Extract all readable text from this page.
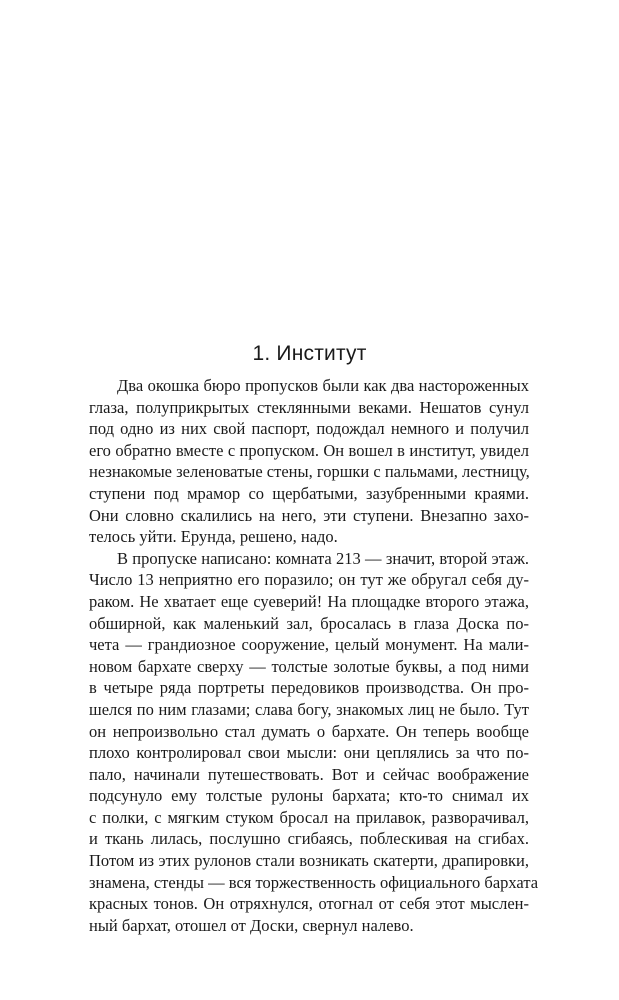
1. Институт
Два окошка бюро пропусков были как два настороженных
глаза, полуприкрытых стеклянными веками. Нешатов сунул
под одно из них свой паспорт, подождал немного и получил
его обратно вместе с пропуском. Он вошел в институт, увидел
незнакомые зеленоватые стены, горшки с пальмами, лестницу,
ступени под мрамор со щербатыми, зазубренными краями.
Они словно скалились на него, эти ступени. Внезапно захо-
телось уйти. Ерунда, решено, надо.
В пропуске написано: комната 213 — значит, второй этаж.
Число 13 неприятно его поразило; он тут же обругал себя ду-
раком. Не хватает еще суеверий! На площадке второго этажа,
обширной, как маленький зал, бросалась в глаза Доска по-
чета — грандиозное сооружение, целый монумент. На мали-
новом бархате сверху — толстые золотые буквы, а под ними
в четыре ряда портреты передовиков производства. Он про-
шелся по ним глазами; слава богу, знакомых лиц не было. Тут
он непроизвольно стал думать о бархате. Он теперь вообще
плохо контролировал свои мысли: они цеплялись за что по-
пало, начинали путешествовать. Вот и сейчас воображение
подсунуло ему толстые рулоны бархата; кто-то снимал их
с полки, с мягким стуком бросал на прилавок, разворачивал,
и ткань лилась, послушно сгибаясь, поблескивая на сгибах.
Потом из этих рулонов стали возникать скатерти, драпировки,
знамена, стенды — вся торжественность официального бархата
красных тонов. Он отряхнулся, отогнал от себя этот мыслен-
ный бархат, отошел от Доски, свернул налево.
